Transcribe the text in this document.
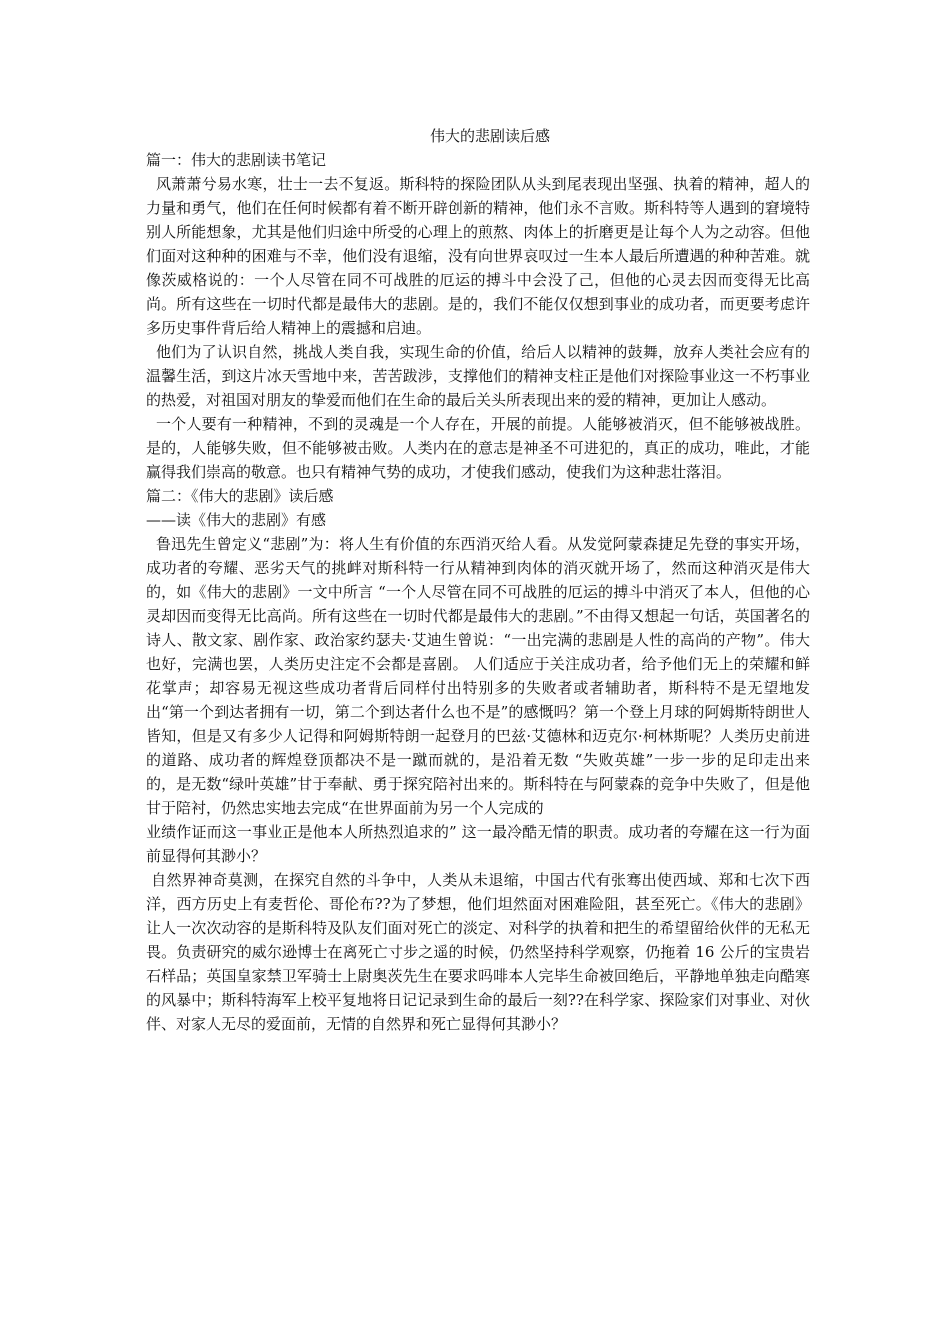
伟大的悲剧读后感

篇一：伟大的悲剧读书笔记

风萧萧兮易水寒，壮士一去不复返。斯科特的探险团队从头到尾表现出坚强、执着的精神，超人的力量和勇气，他们在任何时候都有着不断开辟创新的精神，他们永不言败。斯科特等人遇到的窘境特别人所能想象，尤其是他们归途中所受的心理上的煎熬、肉体上的折磨更是让每个人为之动容。但他们面对这种种的困难与不幸，他们没有退缩，没有向世界哀叹过一生本人最后所遭遇的种种苦难。就像茨威格说的：一个人尽管在同不可战胜的厄运的搏斗中会没了己，但他的心灵去因而变得无比高尚。所有这些在一切时代都是最伟大的悲剧。是的，我们不能仅仅想到事业的成功者，而更要考虑许多历史事件背后给人精神上的震撼和启迪。

他们为了认识自然，挑战人类自我，实现生命的价值，给后人以精神的鼓舞，放弃人类社会应有的温馨生活，到这片冰天雪地中来，苦苦跋涉，支撑他们的精神支柱正是他们对探险事业这一不朽事业的热爱，对祖国对朋友的挚爱而他们在生命的最后关头所表现出来的爱的精神，更加让人感动。

一个人要有一种精神，不到的灵魂是一个人存在，开展的前提。人能够被消灭，但不能够被战胜。是的，人能够失败，但不能够被击败。人类内在的意志是神圣不可进犯的，真正的成功，唯此，才能赢得我们崇高的敬意。也只有精神气势的成功，才使我们感动，使我们为这种悲壮落泪。

篇二：《伟大的悲剧》读后感

——读《伟大的悲剧》有感

鲁迅先生曾定义“悲剧”为：将人生有价值的东西消灭给人看。从发觉阿蒙森捷足先登的事实开场，成功者的夸耀、恶劣天气的挑衅对斯科特一行从精神到肉体的消灭就开场了，然而这种消灭是伟大的，如《伟大的悲剧》一文中所言 “一个人尽管在同不可战胜的厄运的搏斗中消灭了本人，但他的心灵却因而变得无比高尚。所有这些在一切时代都是最伟大的悲剧。”不由得又想起一句话，英国著名的诗人、散文家、剧作家、政治家约瑟夫·艾迪生曾说：“一出完满的悲剧是人性的高尚的产物”。伟大也好，完满也罢，人类历史注定不会都是喜剧。 人们适应于关注成功者，给予他们无上的荣耀和鲜花掌声；却容易无视这些成功者背后同样付出特别多的失败者或者辅助者，斯科特不是无望地发出“第一个到达者拥有一切，第二个到达者什么也不是”的感慨吗？第一个登上月球的阿姆斯特朗世人皆知，但是又有多少人记得和阿姆斯特朗一起登月的巴兹·艾德林和迈克尔·柯林斯呢？人类历史前进的道路、成功者的辉煌登顶都决不是一蹴而就的，是沿着无数 “失败英雄”一步一步的足印走出来的，是无数“绿叶英雄”甘于奉献、勇于探究陪衬出来的。斯科特在与阿蒙森的竞争中失败了，但是他甘于陪衬，仍然忠实地去完成“在世界面前为另一个人完成的

业绩作证而这一事业正是他本人所热烈追求的” 这一最冷酷无情的职责。成功者的夸耀在这一行为面前显得何其渺小？

自然界神奇莫测，在探究自然的斗争中，人类从未退缩，中国古代有张骞出使西域、郑和七次下西洋，西方历史上有麦哲伦、哥伦布??为了梦想，他们坦然面对困难险阻，甚至死亡。《伟大的悲剧》让人一次次动容的是斯科特及队友们面对死亡的淡定、对科学的执着和把生的希望留给伙伴的无私无畏。负责研究的威尔逊博士在离死亡寸步之遥的时候，仍然坚持科学观察，仍拖着 16 公斤的宝贵岩石样品；英国皇家禁卫军骑士上尉奥茨先生在要求吗啡本人完毕生命被回绝后，平静地单独走向酷寒的风暴中；斯科特海军上校平复地将日记记录到生命的最后一刻??在科学家、探险家们对事业、对伙伴、对家人无尽的爱面前，无情的自然界和死亡显得何其渺小？
